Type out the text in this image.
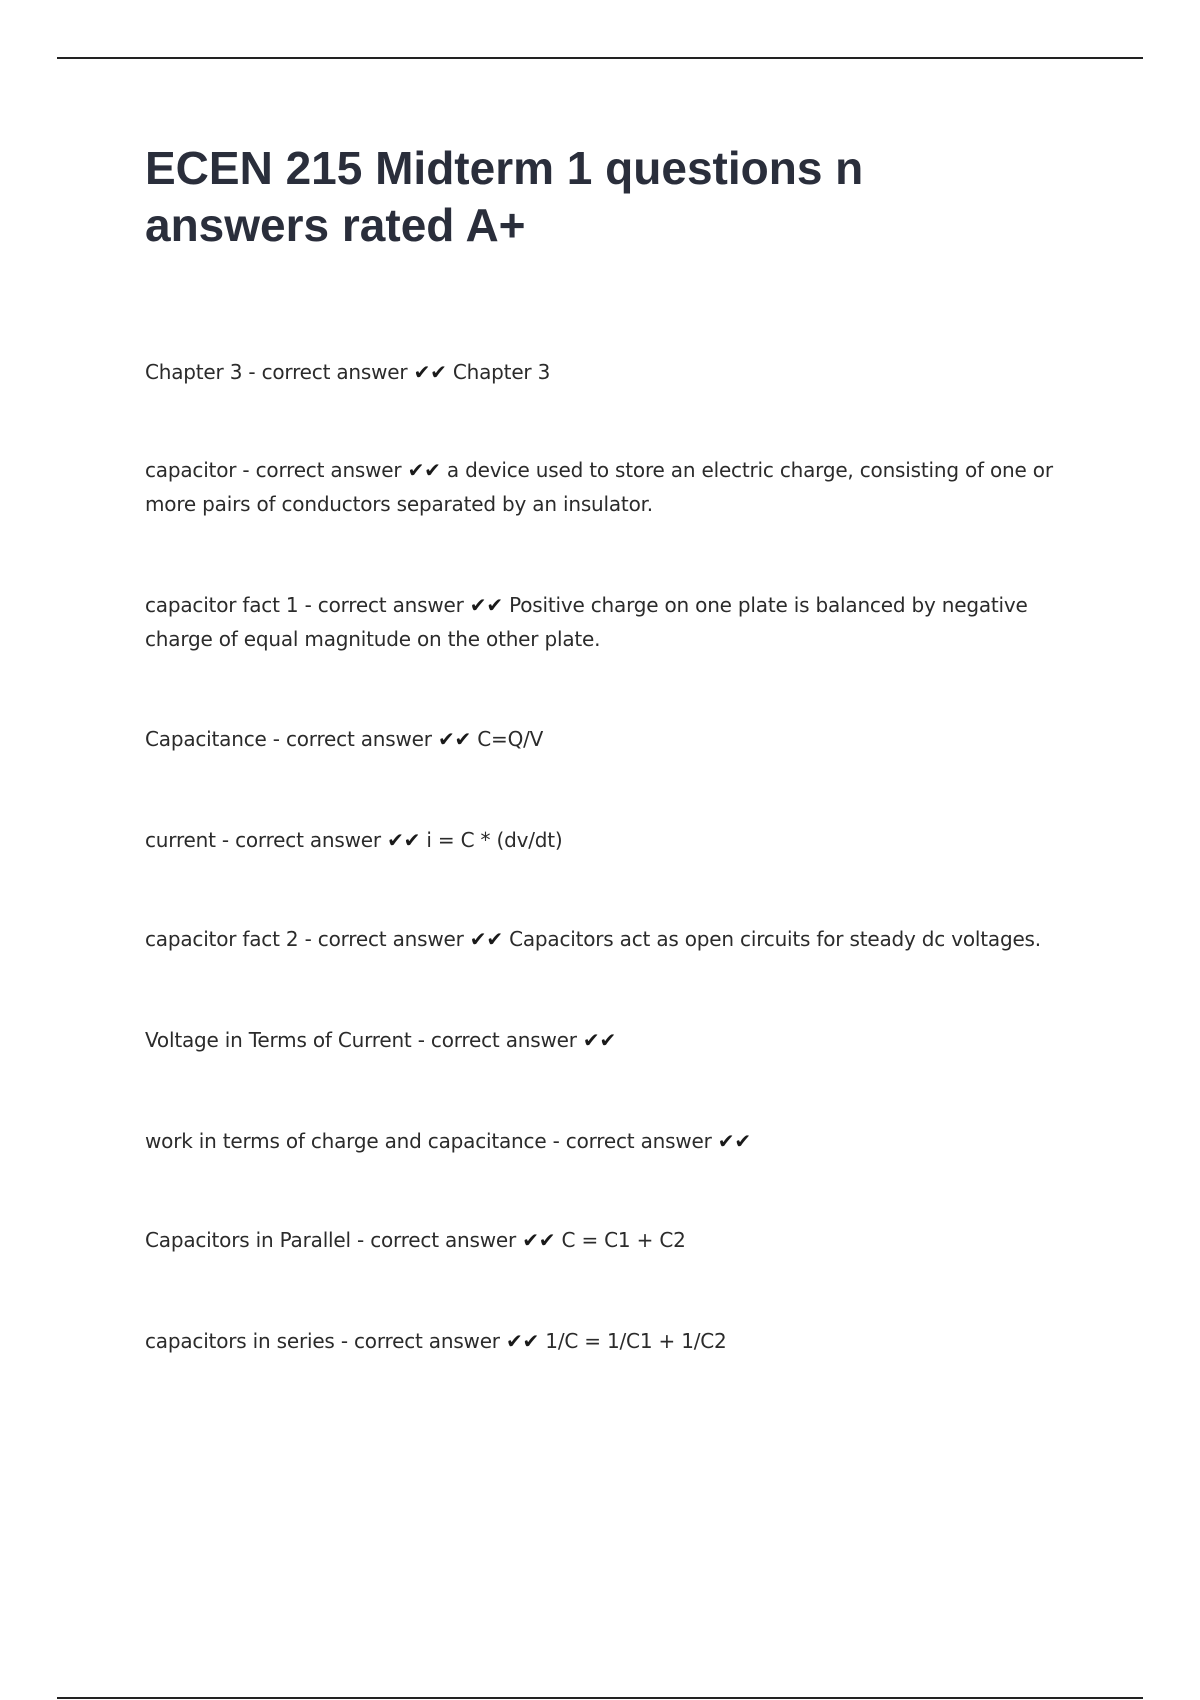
ECEN 215 Midterm 1 questions n answers rated A+
Chapter 3 - correct answer ✔✔ Chapter 3
capacitor - correct answer ✔✔ a device used to store an electric charge, consisting of one or more pairs of conductors separated by an insulator.
capacitor fact 1 - correct answer ✔✔ Positive charge on one plate is balanced by negative charge of equal magnitude on the other plate.
Capacitance - correct answer ✔✔ C=Q/V
current - correct answer ✔✔ i = C * (dv/dt)
capacitor fact 2 - correct answer ✔✔ Capacitors act as open circuits for steady dc voltages.
Voltage in Terms of Current - correct answer ✔✔
work in terms of charge and capacitance - correct answer ✔✔
Capacitors in Parallel - correct answer ✔✔ C = C1 + C2
capacitors in series - correct answer ✔✔ 1/C = 1/C1 + 1/C2
